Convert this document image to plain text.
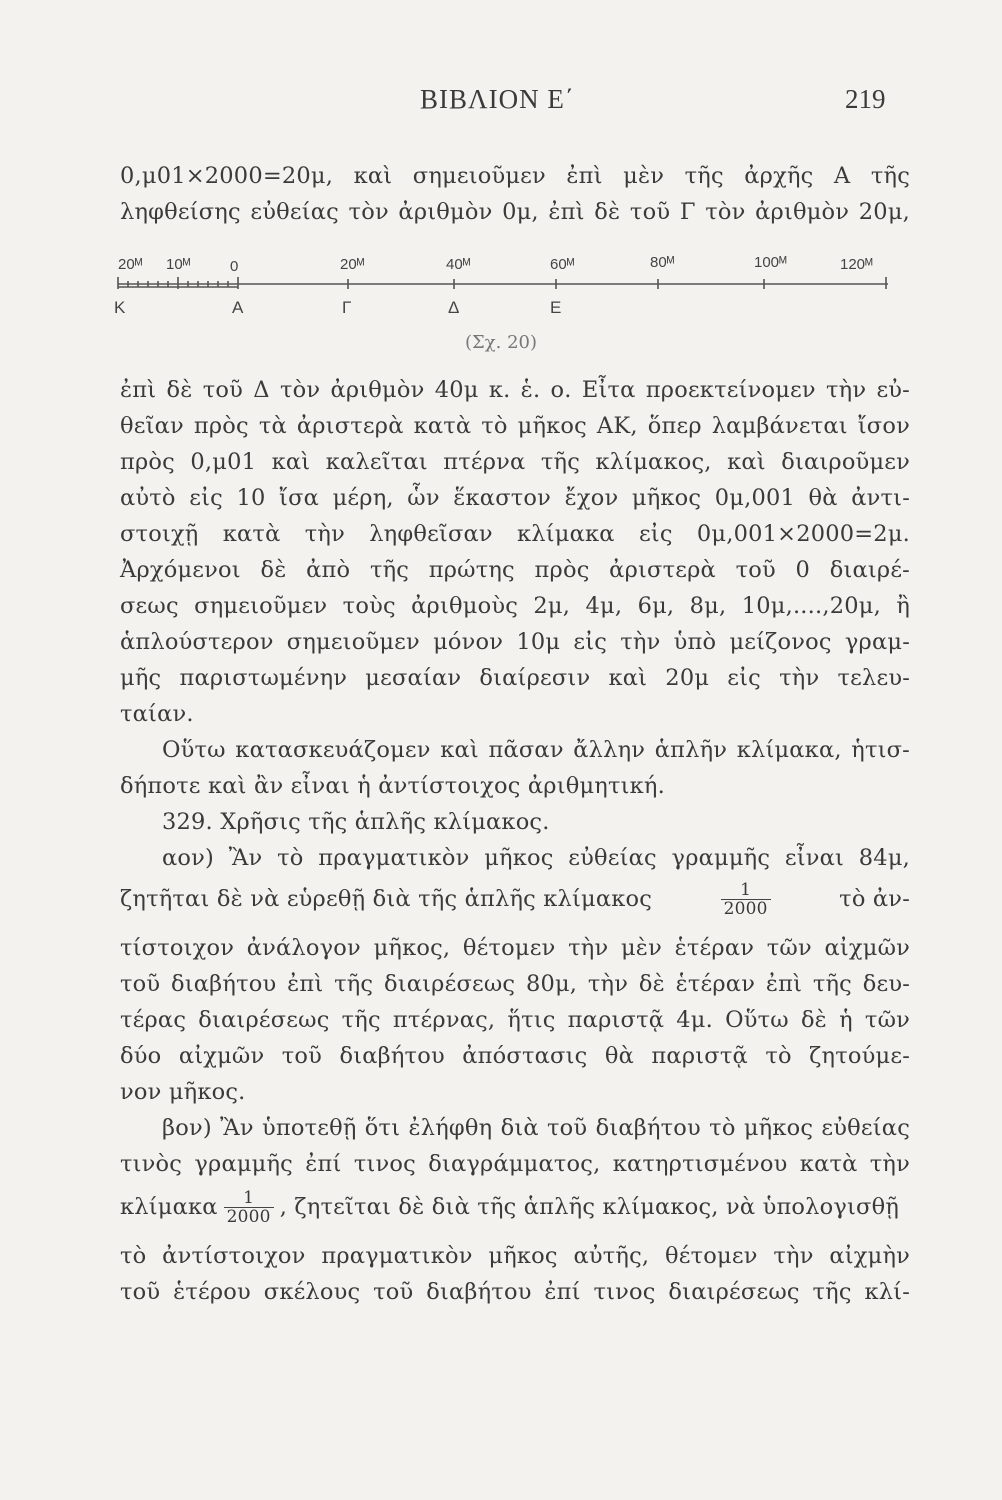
ΒΙΒΛΙΟΝ Ε΄	219
0,μ01×2000=20μ, καὶ σημειοῦμεν ἐπὶ μὲν τῆς ἀρχῆς Α τῆς
ληφθείσης εὐθείας τὸν ἀριθμὸν 0μ, ἐπὶ δὲ τοῦ Γ τὸν ἀριθμὸν 20μ,
20ᴹ 10ᴹ	0	20ᴹ	40ᴹ	60ᴹ	80ᴹ	100ᴹ	120ᴹ
Κ	Α	Γ	Δ	Ε
(Σχ. 20)
ἐπὶ δὲ τοῦ Δ τὸν ἀριθμὸν 40μ κ. ἑ. ο. Εἶτα προεκτείνομεν τὴν εὐ-
θεῖαν πρὸς τὰ ἀριστερὰ κατὰ τὸ μῆκος ΑΚ, ὅπερ λαμβάνεται ἴσον
πρὸς 0,μ01 καὶ καλεῖται πτέρνα τῆς κλίμακος, καὶ διαιροῦμεν
αὐτὸ εἰς 10 ἴσα μέρη, ὧν ἕκαστον ἔχον μῆκος 0μ,001 θὰ ἀντι-
στοιχῇ κατὰ τὴν ληφθεῖσαν κλίμακα εἰς 0μ,001×2000=2μ.
Ἀρχόμενοι δὲ ἀπὸ τῆς πρώτης πρὸς ἀριστερὰ τοῦ 0 διαιρέ-
σεως σημειοῦμεν τοὺς ἀριθμοὺς 2μ, 4μ, 6μ, 8μ, 10μ,....,20μ, ἢ
ἁπλούστερον σημειοῦμεν μόνον 10μ εἰς τὴν ὑπὸ μείζονος γραμ-
μῆς παριστωμένην μεσαίαν διαίρεσιν καὶ 20μ εἰς τὴν τελευ-
ταίαν.
Οὕτω κατασκευάζομεν καὶ πᾶσαν ἄλλην ἁπλῆν κλίμακα, ἡτισ-
δήποτε καὶ ἂν εἶναι ἡ ἀντίστοιχος ἀριθμητική.
329. Χρῆσις τῆς ἁπλῆς κλίμακος.
αον) Ἂν τὸ πραγματικὸν μῆκος εὐθείας γραμμῆς εἶναι 84μ,
ζητῆται δὲ νὰ εὑρεθῇ διὰ τῆς ἁπλῆς κλίμακος	$\frac{1}{2000}$	τὸ ἀν-
τίστοιχον ἀνάλογον μῆκος, θέτομεν τὴν μὲν ἑτέραν τῶν αἰχμῶν
τοῦ διαβήτου ἐπὶ τῆς διαιρέσεως 80μ, τὴν δὲ ἑτέραν ἐπὶ τῆς δευ-
τέρας διαιρέσεως τῆς πτέρνας, ἥτις παριστᾷ 4μ. Οὕτω δὲ ἡ τῶν
δύο αἰχμῶν τοῦ διαβήτου ἀπόστασις θὰ παριστᾷ τὸ ζητούμε-
νον μῆκος.
βον) Ἂν ὑποτεθῇ ὅτι ἐλήφθη διὰ τοῦ διαβήτου τὸ μῆκος εὐθείας
τινὸς γραμμῆς ἐπί τινος διαγράμματος, κατηρτισμένου κατὰ τὴν
κλίμακα $\frac{1}{2000}$ , ζητεῖται δὲ διὰ τῆς ἁπλῆς κλίμακος, νὰ ὑπολογισθῇ
τὸ ἀντίστοιχον πραγματικὸν μῆκος αὐτῆς, θέτομεν τὴν αἰχμὴν
τοῦ ἑτέρου σκέλους τοῦ διαβήτου ἐπί τινος διαιρέσεως τῆς κλί-
